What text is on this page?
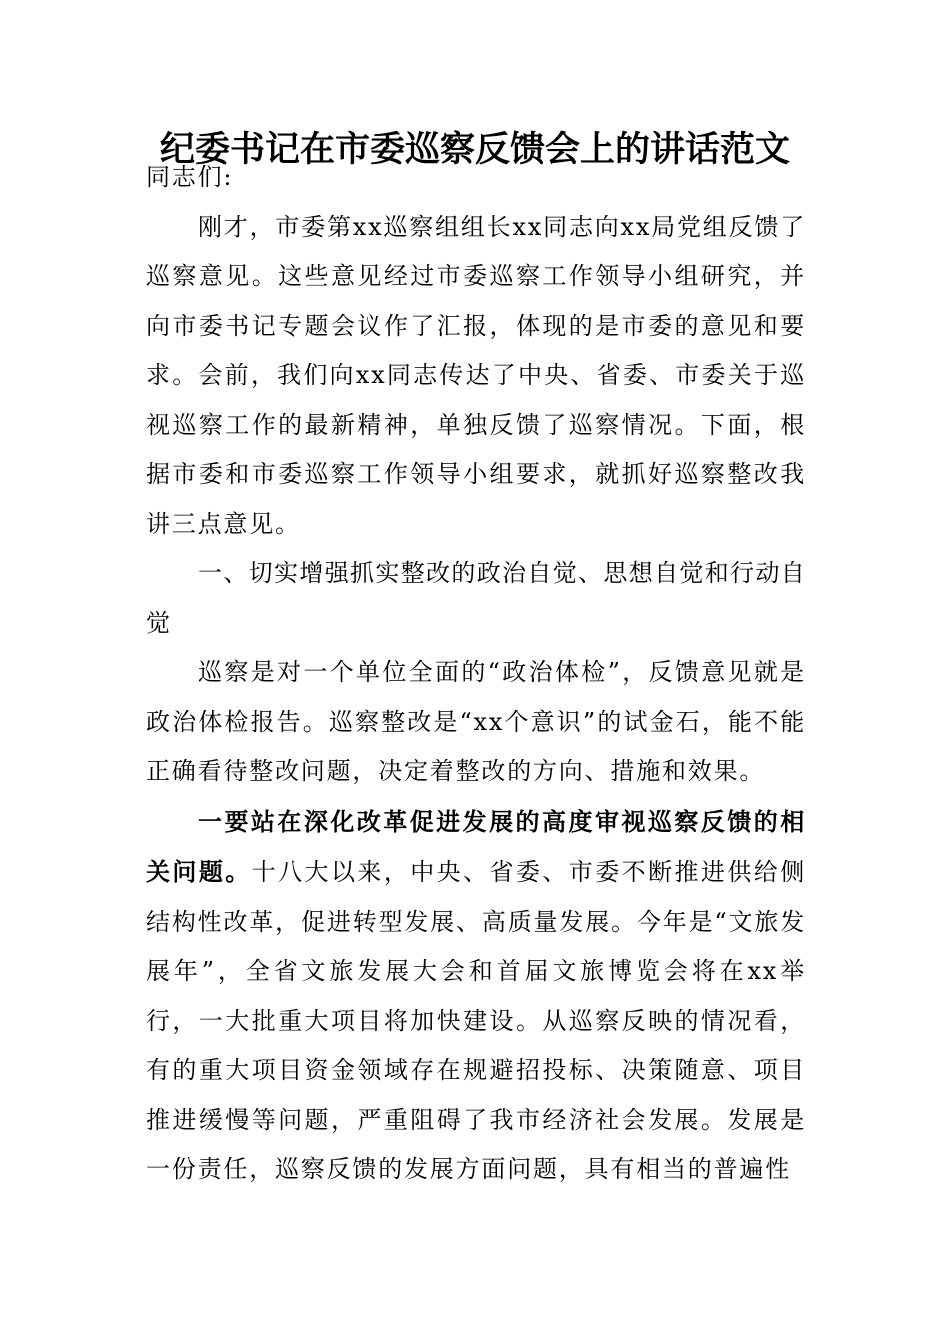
纪委书记在市委巡察反馈会上的讲话范文

同志们:

刚才，市委第xx巡察组组长xx同志向xx局党组反馈了巡察意见。这些意见经过市委巡察工作领导小组研究，并向市委书记专题会议作了汇报，体现的是市委的意见和要求。会前，我们向xx同志传达了中央、省委、市委关于巡视巡察工作的最新精神，单独反馈了巡察情况。下面，根据市委和市委巡察工作领导小组要求，就抓好巡察整改我讲三点意见。

一、切实增强抓实整改的政治自觉、思想自觉和行动自觉

巡察是对一个单位全面的“政治体检”，反馈意见就是政治体检报告。巡察整改是“xx个意识”的试金石，能不能正确看待整改问题，决定着整改的方向、措施和效果。

一要站在深化改革促进发展的高度审视巡察反馈的相关问题。十八大以来，中央、省委、市委不断推进供给侧结构性改革，促进转型发展、高质量发展。今年是“文旅发展年”，全省文旅发展大会和首届文旅博览会将在xx举行，一大批重大项目将加快建设。从巡察反映的情况看，有的重大项目资金领域存在规避招投标、决策随意、项目推进缓慢等问题，严重阻碍了我市经济社会发展。发展是一份责任，巡察反馈的发展方面问题，具有相当的普遍性
